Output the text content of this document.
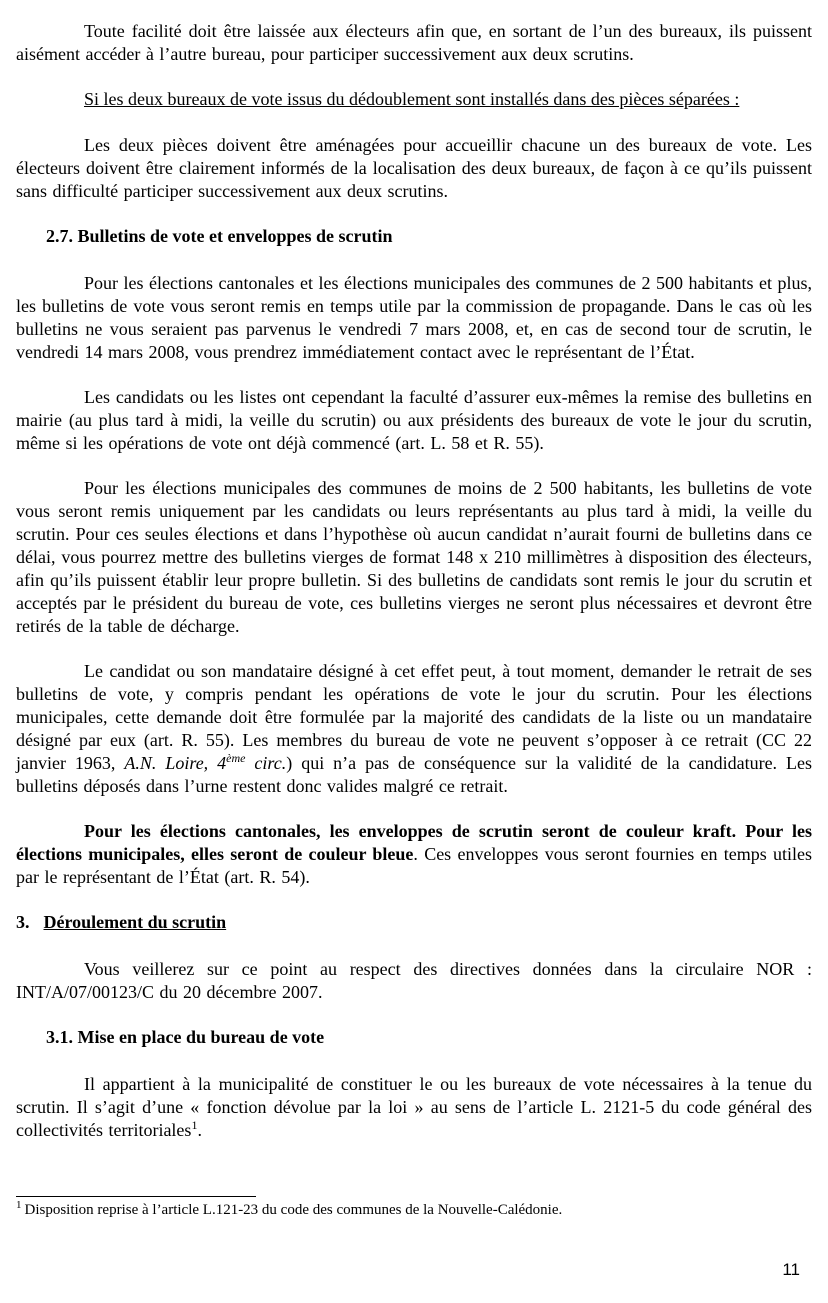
Toute facilité doit être laissée aux électeurs afin que, en sortant de l’un des bureaux, ils puissent aisément accéder à l’autre bureau, pour participer successivement aux deux scrutins.

Si les deux bureaux de vote issus du dédoublement sont installés dans des pièces séparées :

Les deux pièces doivent être aménagées pour accueillir chacune un des bureaux de vote. Les électeurs doivent être clairement informés de la localisation des deux bureaux, de façon à ce qu’ils puissent sans difficulté participer successivement aux deux scrutins.

2.7. Bulletins de vote et enveloppes de scrutin

Pour les élections cantonales et les élections municipales des communes de 2 500 habitants et plus, les bulletins de vote vous seront remis en temps utile par la commission de propagande. Dans le cas où les bulletins ne vous seraient pas parvenus le vendredi 7 mars 2008, et, en cas de second tour de scrutin, le vendredi 14 mars 2008, vous prendrez immédiatement contact avec le représentant de l’État.

Les candidats ou les listes ont cependant la faculté d’assurer eux-mêmes la remise des bulletins en mairie (au plus tard à midi, la veille du scrutin) ou aux présidents des bureaux de vote le jour du scrutin, même si les opérations de vote ont déjà commencé (art. L. 58 et R. 55).

Pour les élections municipales des communes de moins de 2 500 habitants, les bulletins de vote vous seront remis uniquement par les candidats ou leurs représentants au plus tard à midi, la veille du scrutin. Pour ces seules élections et dans l’hypothèse où aucun candidat n’aurait fourni de bulletins dans ce délai, vous pourrez mettre des bulletins vierges de format 148 x 210 millimètres à disposition des électeurs, afin qu’ils puissent établir leur propre bulletin. Si des bulletins de candidats sont remis le jour du scrutin et acceptés par le président du bureau de vote, ces bulletins vierges ne seront plus nécessaires et devront être retirés de la table de décharge.

Le candidat ou son mandataire désigné à cet effet peut, à tout moment, demander le retrait de ses bulletins de vote, y compris pendant les opérations de vote le jour du scrutin. Pour les élections municipales, cette demande doit être formulée par la majorité des candidats de la liste ou un mandataire désigné par eux (art. R. 55). Les membres du bureau de vote ne peuvent s’opposer à ce retrait (CC 22 janvier 1963, A.N. Loire, 4ème circ.) qui n’a pas de conséquence sur la validité de la candidature. Les bulletins déposés dans l’urne restent donc valides malgré ce retrait.

Pour les élections cantonales, les enveloppes de scrutin seront de couleur kraft. Pour les élections municipales, elles seront de couleur bleue. Ces enveloppes vous seront fournies en temps utiles par le représentant de l’État (art. R. 54).

3. Déroulement du scrutin

Vous veillerez sur ce point au respect des directives données dans la circulaire NOR : INT/A/07/00123/C du 20 décembre 2007.

3.1. Mise en place du bureau de vote

Il appartient à la municipalité de constituer le ou les bureaux de vote nécessaires à la tenue du scrutin. Il s’agit d’une « fonction dévolue par la loi » au sens de l’article L. 2121-5 du code général des collectivités territoriales$^1$.

$^1$ Disposition reprise à l’article L.121-23 du code des communes de la Nouvelle-Calédonie.

11
